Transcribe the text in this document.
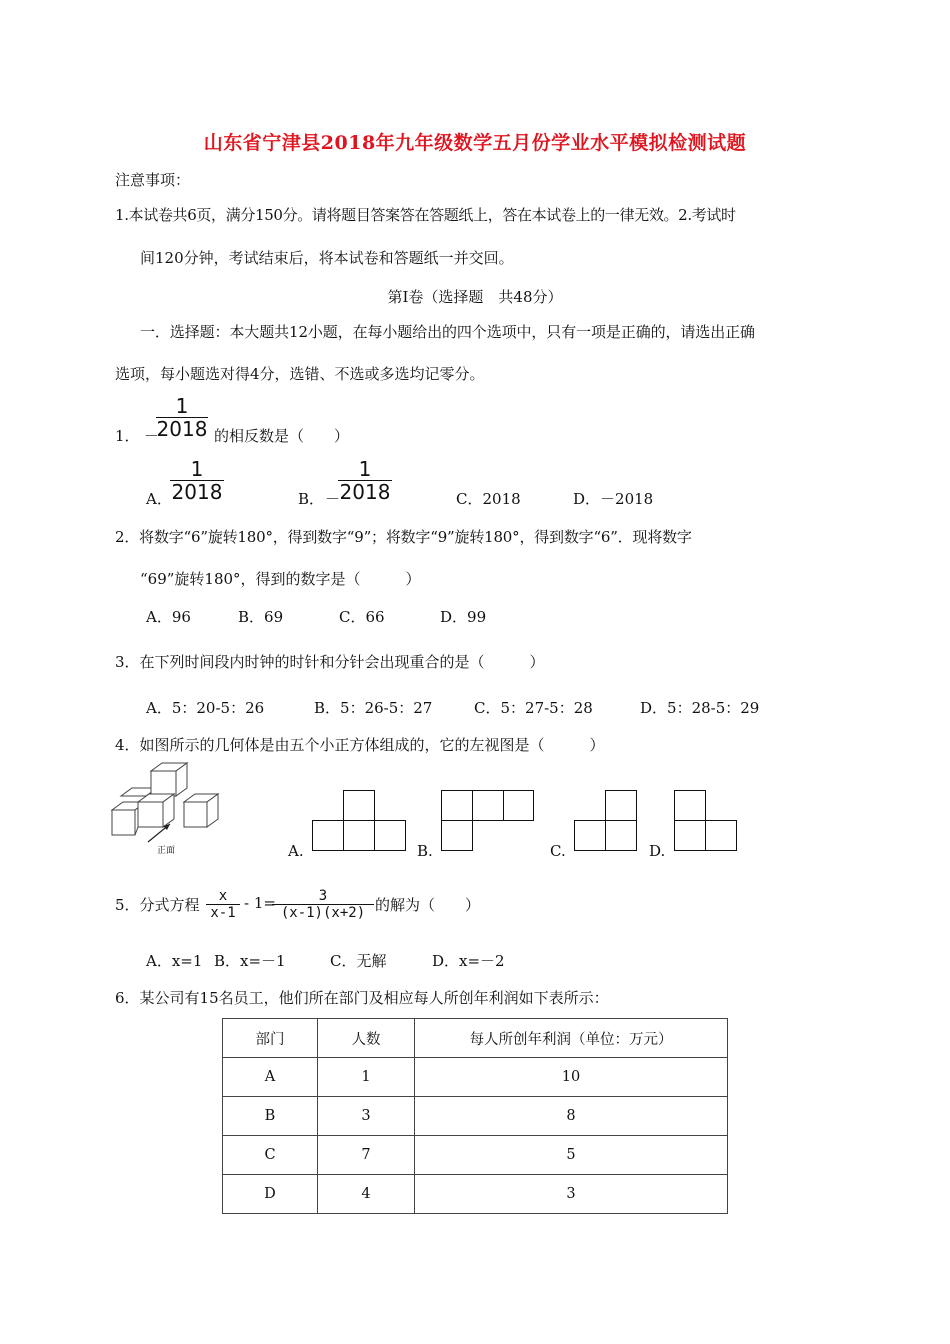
山东省宁津县2018年九年级数学五月份学业水平模拟检测试题
注意事项：
1.本试卷共6页，满分150分。请将题目答案答在答题纸上，答在本试卷上的一律无效。2.考试时
间120分钟，考试结束后，将本试卷和答题纸一并交回。
第Ⅰ卷（选择题　共48分）
一．选择题：本大题共12小题，在每小题给出的四个选项中，只有一项是正确的，请选出正确
选项，每小题选对得4分，选错、不选或多选均记零分。
1． －
1
2018 的相反数是（　　）
A．
1
2018	B． －
1
2018	C．2018	D．－2018
2．将数字“6”旋转180°，得到数字“9”；将数字“9”旋转180°，得到数字“6”．现将数字
“69”旋转180°，得到的数字是（　　　）
A．96	B．69	C．66	D．99
3．在下列时间段内时钟的时针和分针会出现重合的是（　　　）
A．5：20-5：26	B．5：26-5：27	C．5：27-5：28	D．5：28-5：29
4．如图所示的几何体是由五个小正方体组成的，它的左视图是（　　　）
正面	A.	B.	C.	D.
5．分式方程	x
x-1
- 1=	3
(x-1)(x+2) 的解为（　　）
A．x=1 B．x=－1	C．无解	D．x=－2
6．某公司有15名员工，他们所在部门及相应每人所创年利润如下表所示：
部门	人数	每人所创年利润（单位：万元）
A	1	10
B	3	8
C	7	5
D	4	3
